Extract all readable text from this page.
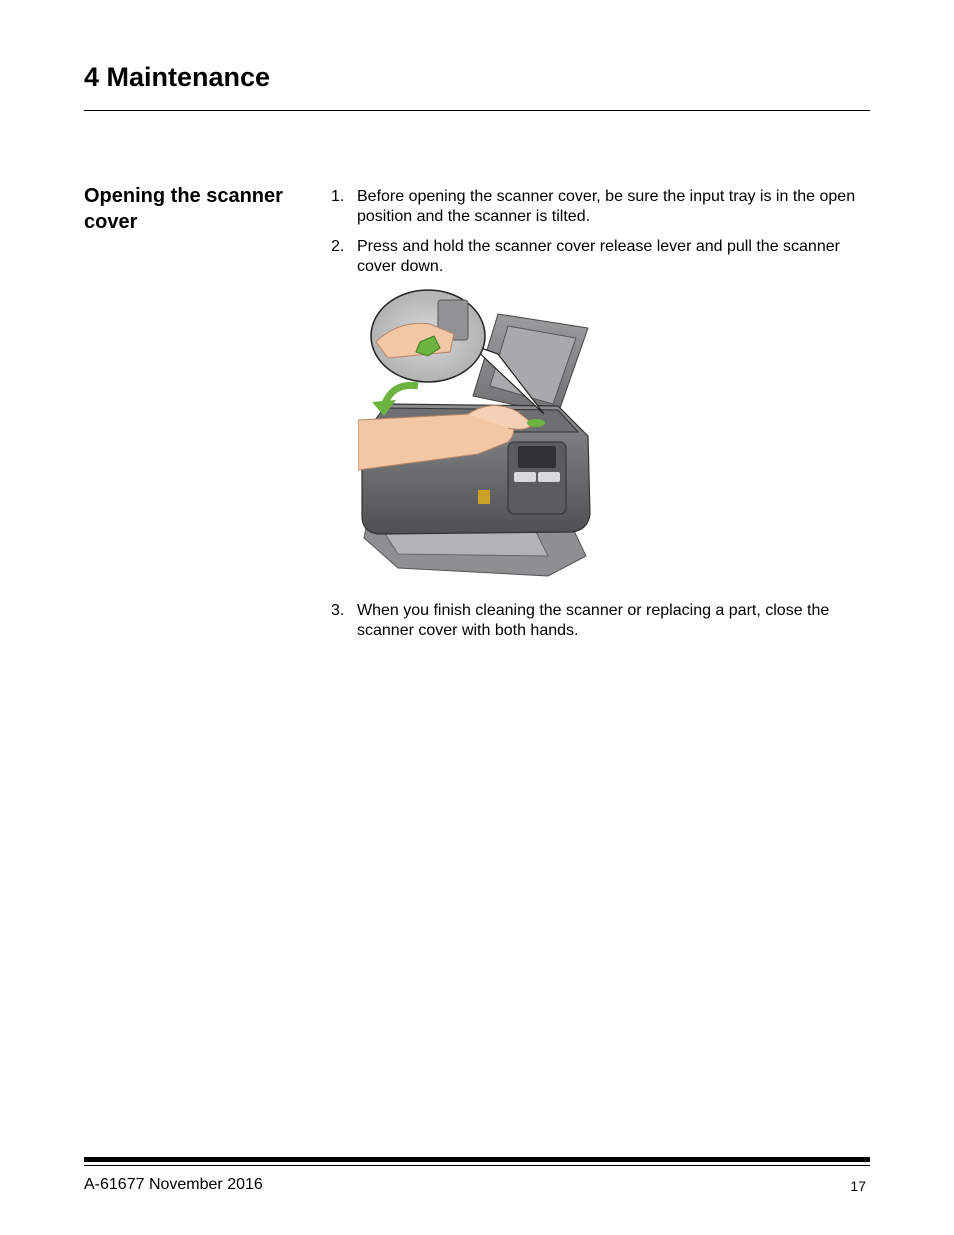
4 Maintenance
Opening the scanner cover
1. Before opening the scanner cover, be sure the input tray is in the open position and the scanner is tilted.
2. Press and hold the scanner cover release lever and pull the scanner cover down.
3. When you finish cleaning the scanner or replacing a part, close the scanner cover with both hands.
A-61677 November 2016	17
